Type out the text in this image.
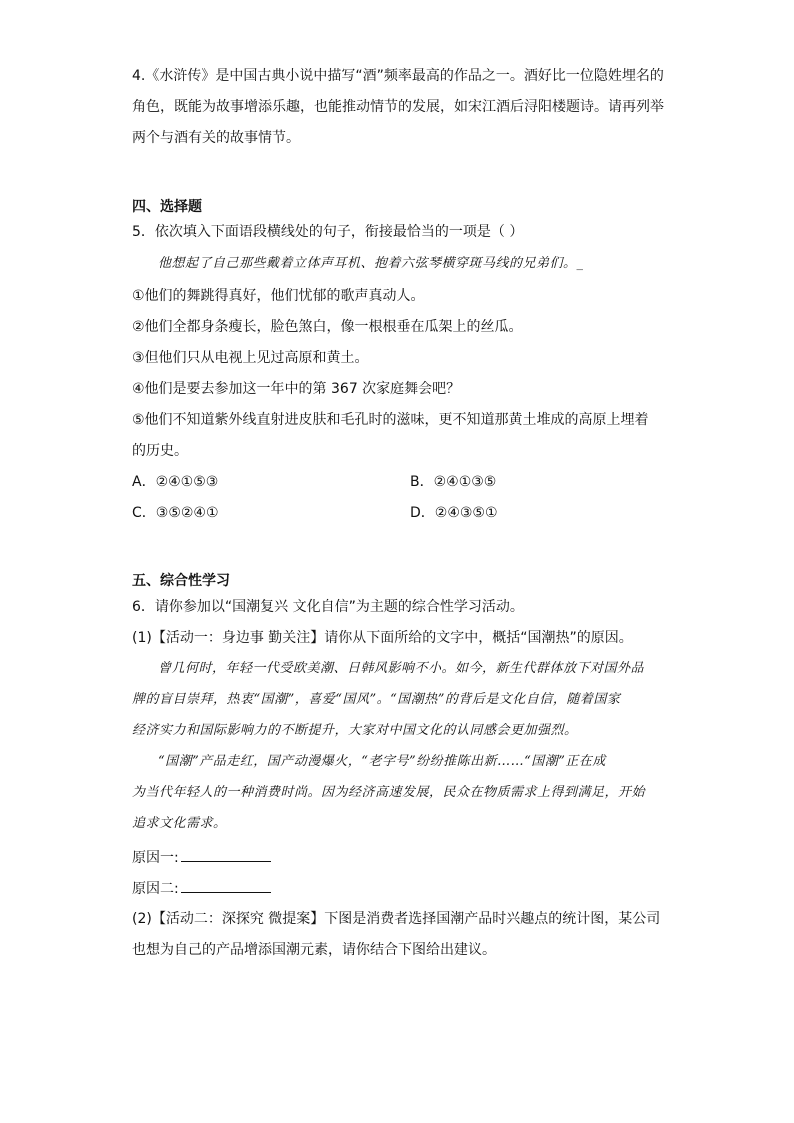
4.《水浒传》是中国古典小说中描写“酒”频率最高的作品之一。酒好比一位隐姓埋名的
角色，既能为故事增添乐趣，也能推动情节的发展，如宋江酒后浔阳楼题诗。请再列举
两个与酒有关的故事情节。
四、选择题
5．依次填入下面语段横线处的句子，衔接最恰当的一项是（ ）
他想起了自己那些戴着立体声耳机、抱着六弦琴横穿斑马线的兄弟们。_
①他们的舞跳得真好，他们忧郁的歌声真动人。
②他们全都身条瘦长，脸色煞白，像一根根垂在瓜架上的丝瓜。
③但他们只从电视上见过高原和黄土。
④他们是要去参加这一年中的第 367 次家庭舞会吧？
⑤他们不知道紫外线直射进皮肤和毛孔时的滋味，更不知道那黄土堆成的高原上埋着
的历史。
A．②④①⑤③	B．②④①③⑤
C．③⑤②④①	D．②④③⑤①
五、综合性学习
6．请你参加以“国潮复兴 文化自信”为主题的综合性学习活动。
(1)【活动一：身边事 勤关注】请你从下面所给的文字中，概括“国潮热”的原因。
曾几何时，年轻一代受欧美潮、日韩风影响不小。如今，新生代群体放下对国外品
牌的盲目崇拜，热衷“国潮”，喜爱“国风”。“国潮热”的背后是文化自信，随着国家
经济实力和国际影响力的不断提升，大家对中国文化的认同感会更加强烈。
“国潮”产品走红，国产动漫爆火，“老字号”纷纷推陈出新……“国潮”正在成
为当代年轻人的一种消费时尚。因为经济高速发展，民众在物质需求上得到满足，开始
追求文化需求。
原因一:
原因二:
(2)【活动二：深探究 微提案】下图是消费者选择国潮产品时兴趣点的统计图，某公司
也想为自己的产品增添国潮元素，请你结合下图给出建议。
